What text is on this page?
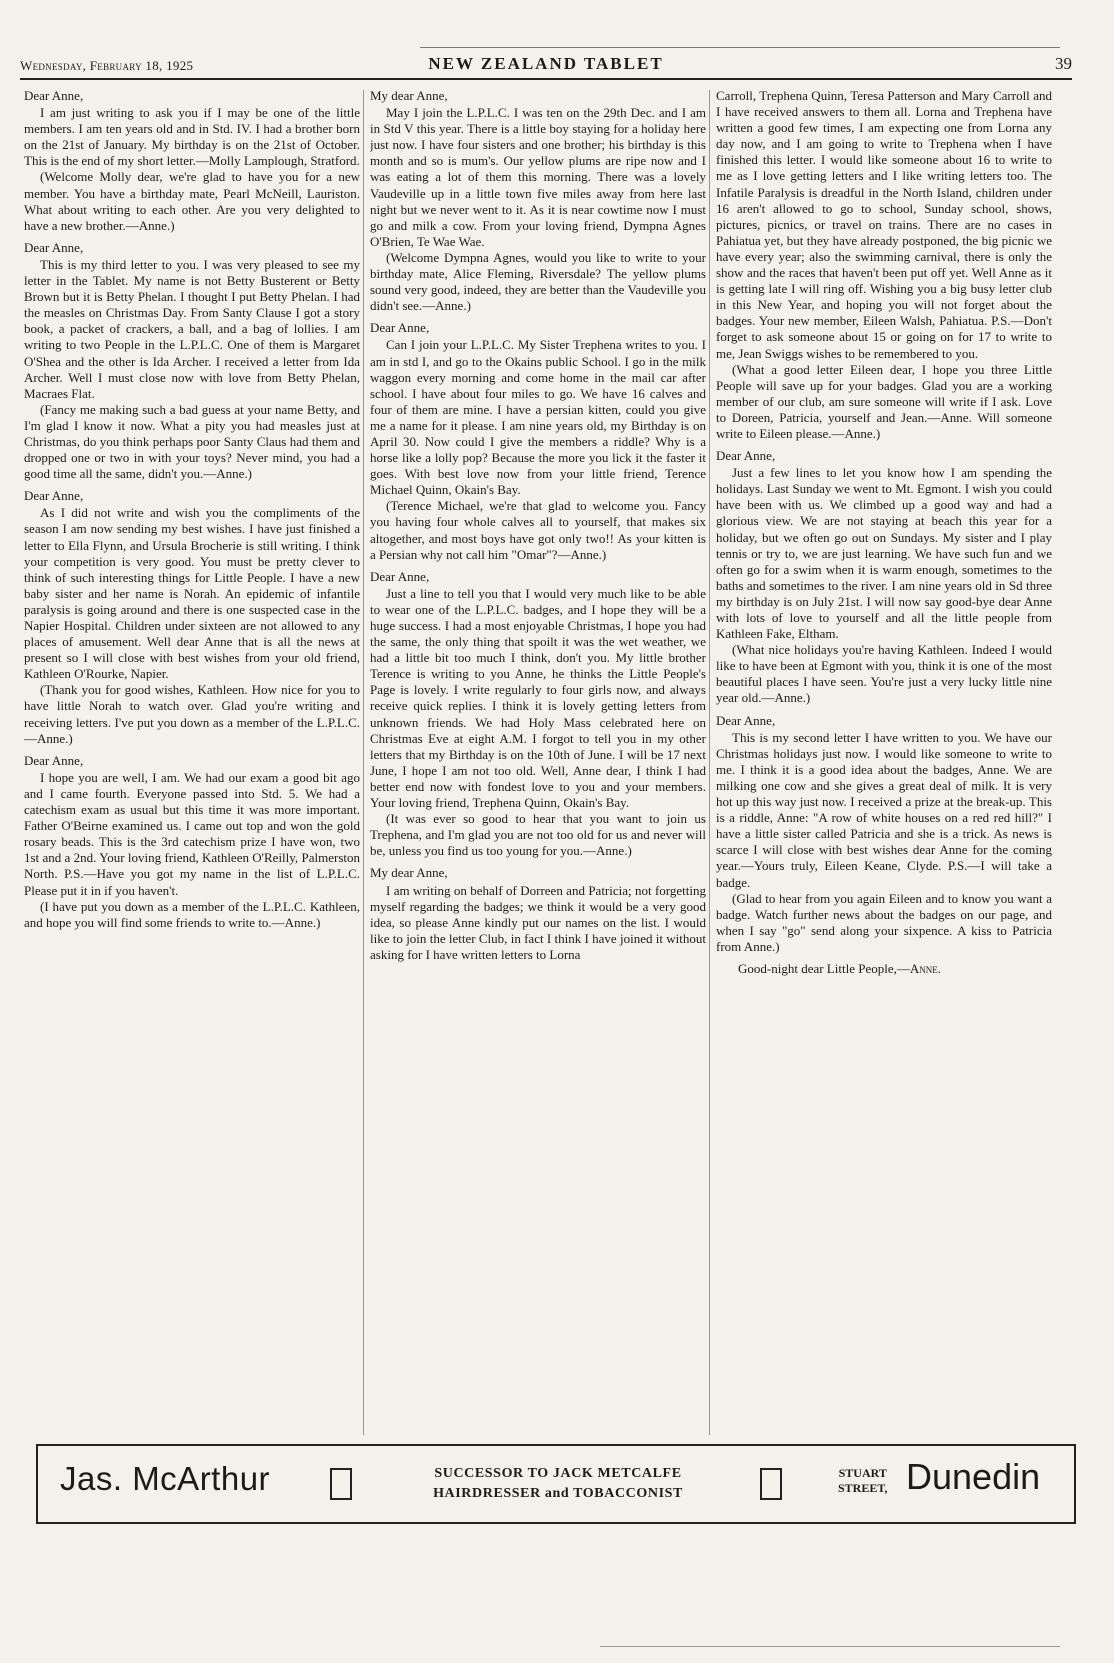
Wednesday, February 18, 1925	NEW ZEALAND TABLET	39
Dear Anne,

I am just writing to ask you if I may be one of the little members. I am ten years old and in Std. IV. I had a brother born on the 21st of January. My birthday is on the 21st of October. This is the end of my short letter.—Molly Lamplough, Stratford.

(Welcome Molly dear, we're glad to have you for a new member. You have a birthday mate, Pearl McNeill, Lauriston. What about writing to each other. Are you very delighted to have a new brother.—Anne.)

Dear Anne,

This is my third letter to you. I was very pleased to see my letter in the Tablet. My name is not Betty Busterent or Betty Brown but it is Betty Phelan. I thought I put Betty Phelan. I had the measles on Christmas Day. From Santy Clause I got a story book, a packet of crackers, a ball, and a bag of lollies. I am writing to two People in the L.P.L.C. One of them is Margaret O'Shea and the other is Ida Archer. I received a letter from Ida Archer. Well I must close now with love from Betty Phelan, Macraes Flat.

(Fancy me making such a bad guess at your name Betty, and I'm glad I know it now. What a pity you had measles just at Christmas, do you think perhaps poor Santy Claus had them and dropped one or two in with your toys? Never mind, you had a good time all the same, didn't you.—Anne.)

Dear Anne,

As I did not write and wish you the compliments of the season I am now sending my best wishes. I have just finished a letter to Ella Flynn, and Ursula Brocherie is still writing. I think your competition is very good. You must be pretty clever to think of such interesting things for Little People. I have a new baby sister and her name is Norah. An epidemic of infantile paralysis is going around and there is one suspected case in the Napier Hospital. Children under sixteen are not allowed to any places of amusement. Well dear Anne that is all the news at present so I will close with best wishes from your old friend, Kathleen O'Rourke, Napier.

(Thank you for good wishes, Kathleen. How nice for you to have little Norah to watch over. Glad you're writing and receiving letters. I've put you down as a member of the L.P.L.C.—Anne.)

Dear Anne,

I hope you are well, I am. We had our exam a good bit ago and I came fourth. Everyone passed into Std. 5. We had a catechism exam as usual but this time it was more important. Father O'Beirne examined us. I came out top and won the gold rosary beads. This is the 3rd catechism prize I have won, two 1st and a 2nd. Your loving friend, Kathleen O'Reilly, Palmerston North. P.S.—Have you got my name in the list of L.P.L.C. Please put it in if you haven't.

(I have put you down as a member of the L.P.L.C. Kathleen, and hope you will find some friends to write to.—Anne.)

My dear Anne,

May I join the L.P.L.C. I was ten on the 29th Dec. and I am in Std V this year. There is a little boy staying for a holiday here just now. I have four sisters and one brother; his birthday is this month and so is mum's. Our yellow plums are ripe now and I was eating a lot of them this morning. There was a lovely Vaudeville up in a little town five miles away from here last night but we never went to it. As it is near cowtime now I must go and milk a cow. From your loving friend, Dympna Agnes O'Brien, Te Wae Wae.

(Welcome Dympna Agnes, would you like to write to your birthday mate, Alice Fleming, Riversdale? The yellow plums sound very good, indeed, they are better than the Vaudeville you didn't see.—Anne.)

Dear Anne,

Can I join your L.P.L.C. My Sister Trephena writes to you. I am in std I, and go to the Okains public School. I go in the milk waggon every morning and come home in the mail car after school. I have about four miles to go. We have 16 calves and four of them are mine. I have a persian kitten, could you give me a name for it please. I am nine years old, my Birthday is on April 30. Now could I give the members a riddle? Why is a horse like a lolly pop? Because the more you lick it the faster it goes. With best love now from your little friend, Terence Michael Quinn, Okain's Bay.

(Terence Michael, we're that glad to welcome you. Fancy you having four whole calves all to yourself, that makes six altogether, and most boys have got only two!! As your kitten is a Persian why not call him "Omar"?—Anne.)

Dear Anne,

Just a line to tell you that I would very much like to be able to wear one of the L.P.L.C. badges, and I hope they will be a huge success. I had a most enjoyable Christmas, I hope you had the same, the only thing that spoilt it was the wet weather, we had a little bit too much I think, don't you. My little brother Terence is writing to you Anne, he thinks the Little People's Page is lovely. I write regularly to four girls now, and always receive quick replies. I think it is lovely getting letters from unknown friends. We had Holy Mass celebrated here on Christmas Eve at eight A.M. I forgot to tell you in my other letters that my Birthday is on the 10th of June. I will be 17 next June, I hope I am not too old. Well, Anne dear, I think I had better end now with fondest love to you and your members. Your loving friend, Trephena Quinn, Okain's Bay.

(It was ever so good to hear that you want to join us Trephena, and I'm glad you are not too old for us and never will be, unless you find us too young for you.—Anne.)

My dear Anne,

I am writing on behalf of Dorreen and Patricia; not forgetting myself regarding the badges; we think it would be a very good idea, so please Anne kindly put our names on the list. I would like to join the letter Club, in fact I think I have joined it without asking for I have written letters to Lorna

Carroll, Trephena Quinn, Teresa Patterson and Mary Carroll and I have received answers to them all. Lorna and Trephena have written a good few times, I am expecting one from Lorna any day now, and I am going to write to Trephena when I have finished this letter. I would like someone about 16 to write to me as I love getting letters and I like writing letters too. The Infatile Paralysis is dreadful in the North Island, children under 16 aren't allowed to go to school, Sunday school, shows, pictures, picnics, or travel on trains. There are no cases in Pahiatua yet, but they have already postponed, the big picnic we have every year; also the swimming carnival, there is only the show and the races that haven't been put off yet. Well Anne as it is getting late I will ring off. Wishing you a big busy letter club in this New Year, and hoping you will not forget about the badges. Your new member, Eileen Walsh, Pahiatua. P.S.—Don't forget to ask someone about 15 or going on for 17 to write to me, Jean Swiggs wishes to be remembered to you.

(What a good letter Eileen dear, I hope you three Little People will save up for your badges. Glad you are a working member of our club, am sure someone will write if I ask. Love to Doreen, Patricia, yourself and Jean.—Anne. Will someone write to Eileen please.—Anne.)

Dear Anne,

Just a few lines to let you know how I am spending the holidays. Last Sunday we went to Mt. Egmont. I wish you could have been with us. We climbed up a good way and had a glorious view. We are not staying at beach this year for a holiday, but we often go out on Sundays. My sister and I play tennis or try to, we are just learning. We have such fun and we often go for a swim when it is warm enough, sometimes to the baths and sometimes to the river. I am nine years old in Sd three my birthday is on July 21st. I will now say good-bye dear Anne with lots of love to yourself and all the little people from Kathleen Fake, Eltham.

(What nice holidays you're having Kathleen. Indeed I would like to have been at Egmont with you, think it is one of the most beautiful places I have seen. You're just a very lucky little nine year old.—Anne.)

Dear Anne,

This is my second letter I have written to you. We have our Christmas holidays just now. I would like someone to write to me. I think it is a good idea about the badges, Anne. We are milking one cow and she gives a great deal of milk. It is very hot up this way just now. I received a prize at the break-up. This is a riddle, Anne: "A row of white houses on a red red hill?" I have a little sister called Patricia and she is a trick. As news is scarce I will close with best wishes dear Anne for the coming year.—Yours truly, Eileen Keane, Clyde. P.S.—I will take a badge.

(Glad to hear from you again Eileen and to know you want a badge. Watch further news about the badges on our page, and when I say "go" send along your sixpence. A kiss to Patricia from Anne.)

Good-night dear Little People,—Anne.

Jas. McArthur	SUCCESSOR TO JACK METCALFE
HAIRDRESSER and TOBACCONIST
STUART
STREET, Dunedin
